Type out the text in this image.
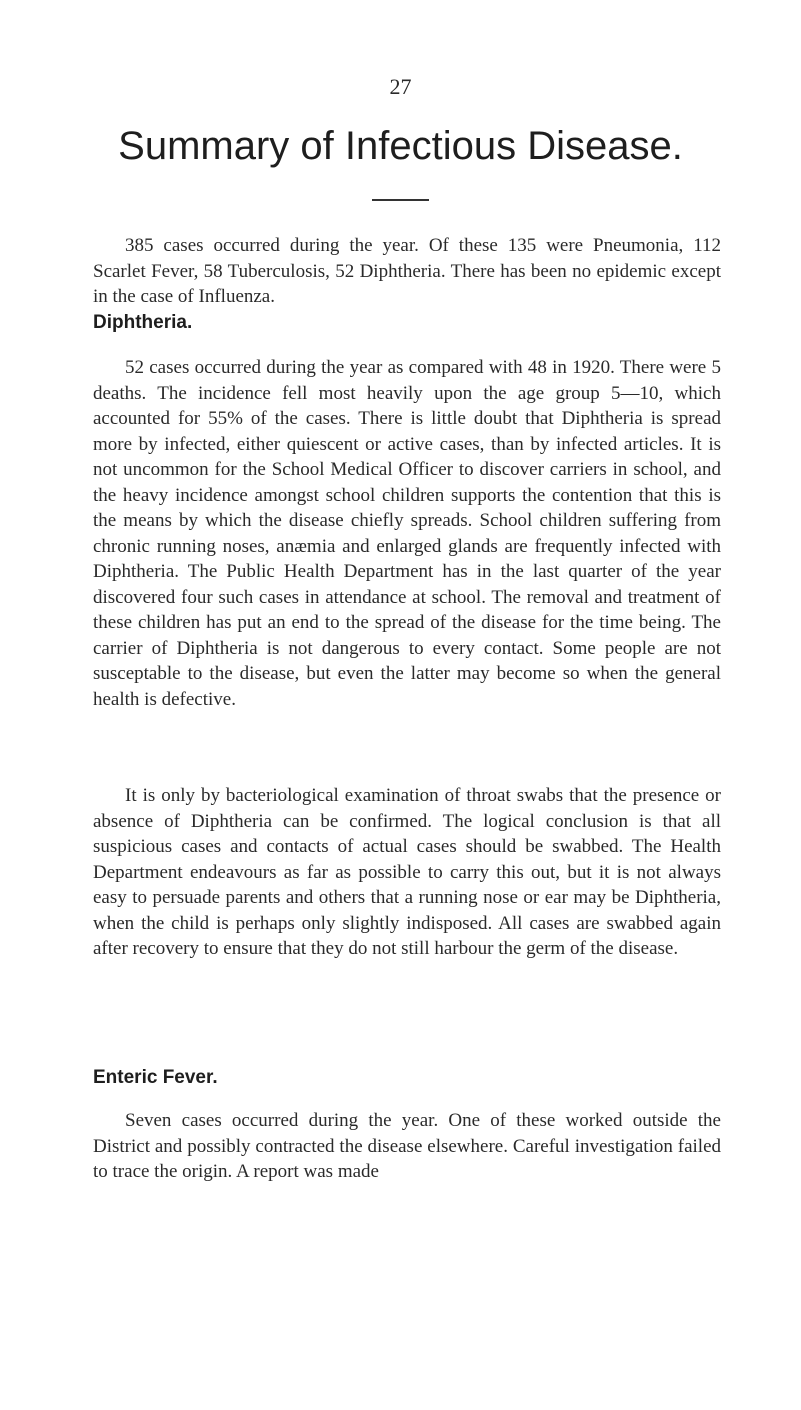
27
Summary of Infectious Disease.

385 cases occurred during the year. Of these 135 were Pneumonia, 112 Scarlet Fever, 58 Tuberculosis, 52 Diphtheria. There has been no epidemic except in the case of Influenza.

Diphtheria.

52 cases occurred during the year as compared with 48 in 1920. There were 5 deaths. The incidence fell most heavily upon the age group 5—10, which accounted for 55% of the cases. There is little doubt that Diphtheria is spread more by infected, either quiescent or active cases, than by infected articles. It is not uncommon for the School Medical Officer to discover carriers in school, and the heavy incidence amongst school children supports the contention that this is the means by which the disease chiefly spreads. School children suffering from chronic running noses, anæmia and enlarged glands are frequently infected with Diphtheria. The Public Health Department has in the last quarter of the year discovered four such cases in attendance at school. The removal and treatment of these children has put an end to the spread of the disease for the time being. The carrier of Diphtheria is not dangerous to every contact. Some people are not susceptable to the disease, but even the latter may become so when the general health is defective.

It is only by bacteriological examination of throat swabs that the presence or absence of Diphtheria can be confirmed. The logical conclusion is that all suspicious cases and contacts of actual cases should be swabbed. The Health Department endeavours as far as possible to carry this out, but it is not always easy to persuade parents and others that a running nose or ear may be Diphtheria, when the child is perhaps only slightly indisposed. All cases are swabbed again after recovery to ensure that they do not still harbour the germ of the disease.

Enteric Fever.

Seven cases occurred during the year. One of these worked outside the District and possibly contracted the disease elsewhere. Careful investigation failed to trace the origin. A report was made
